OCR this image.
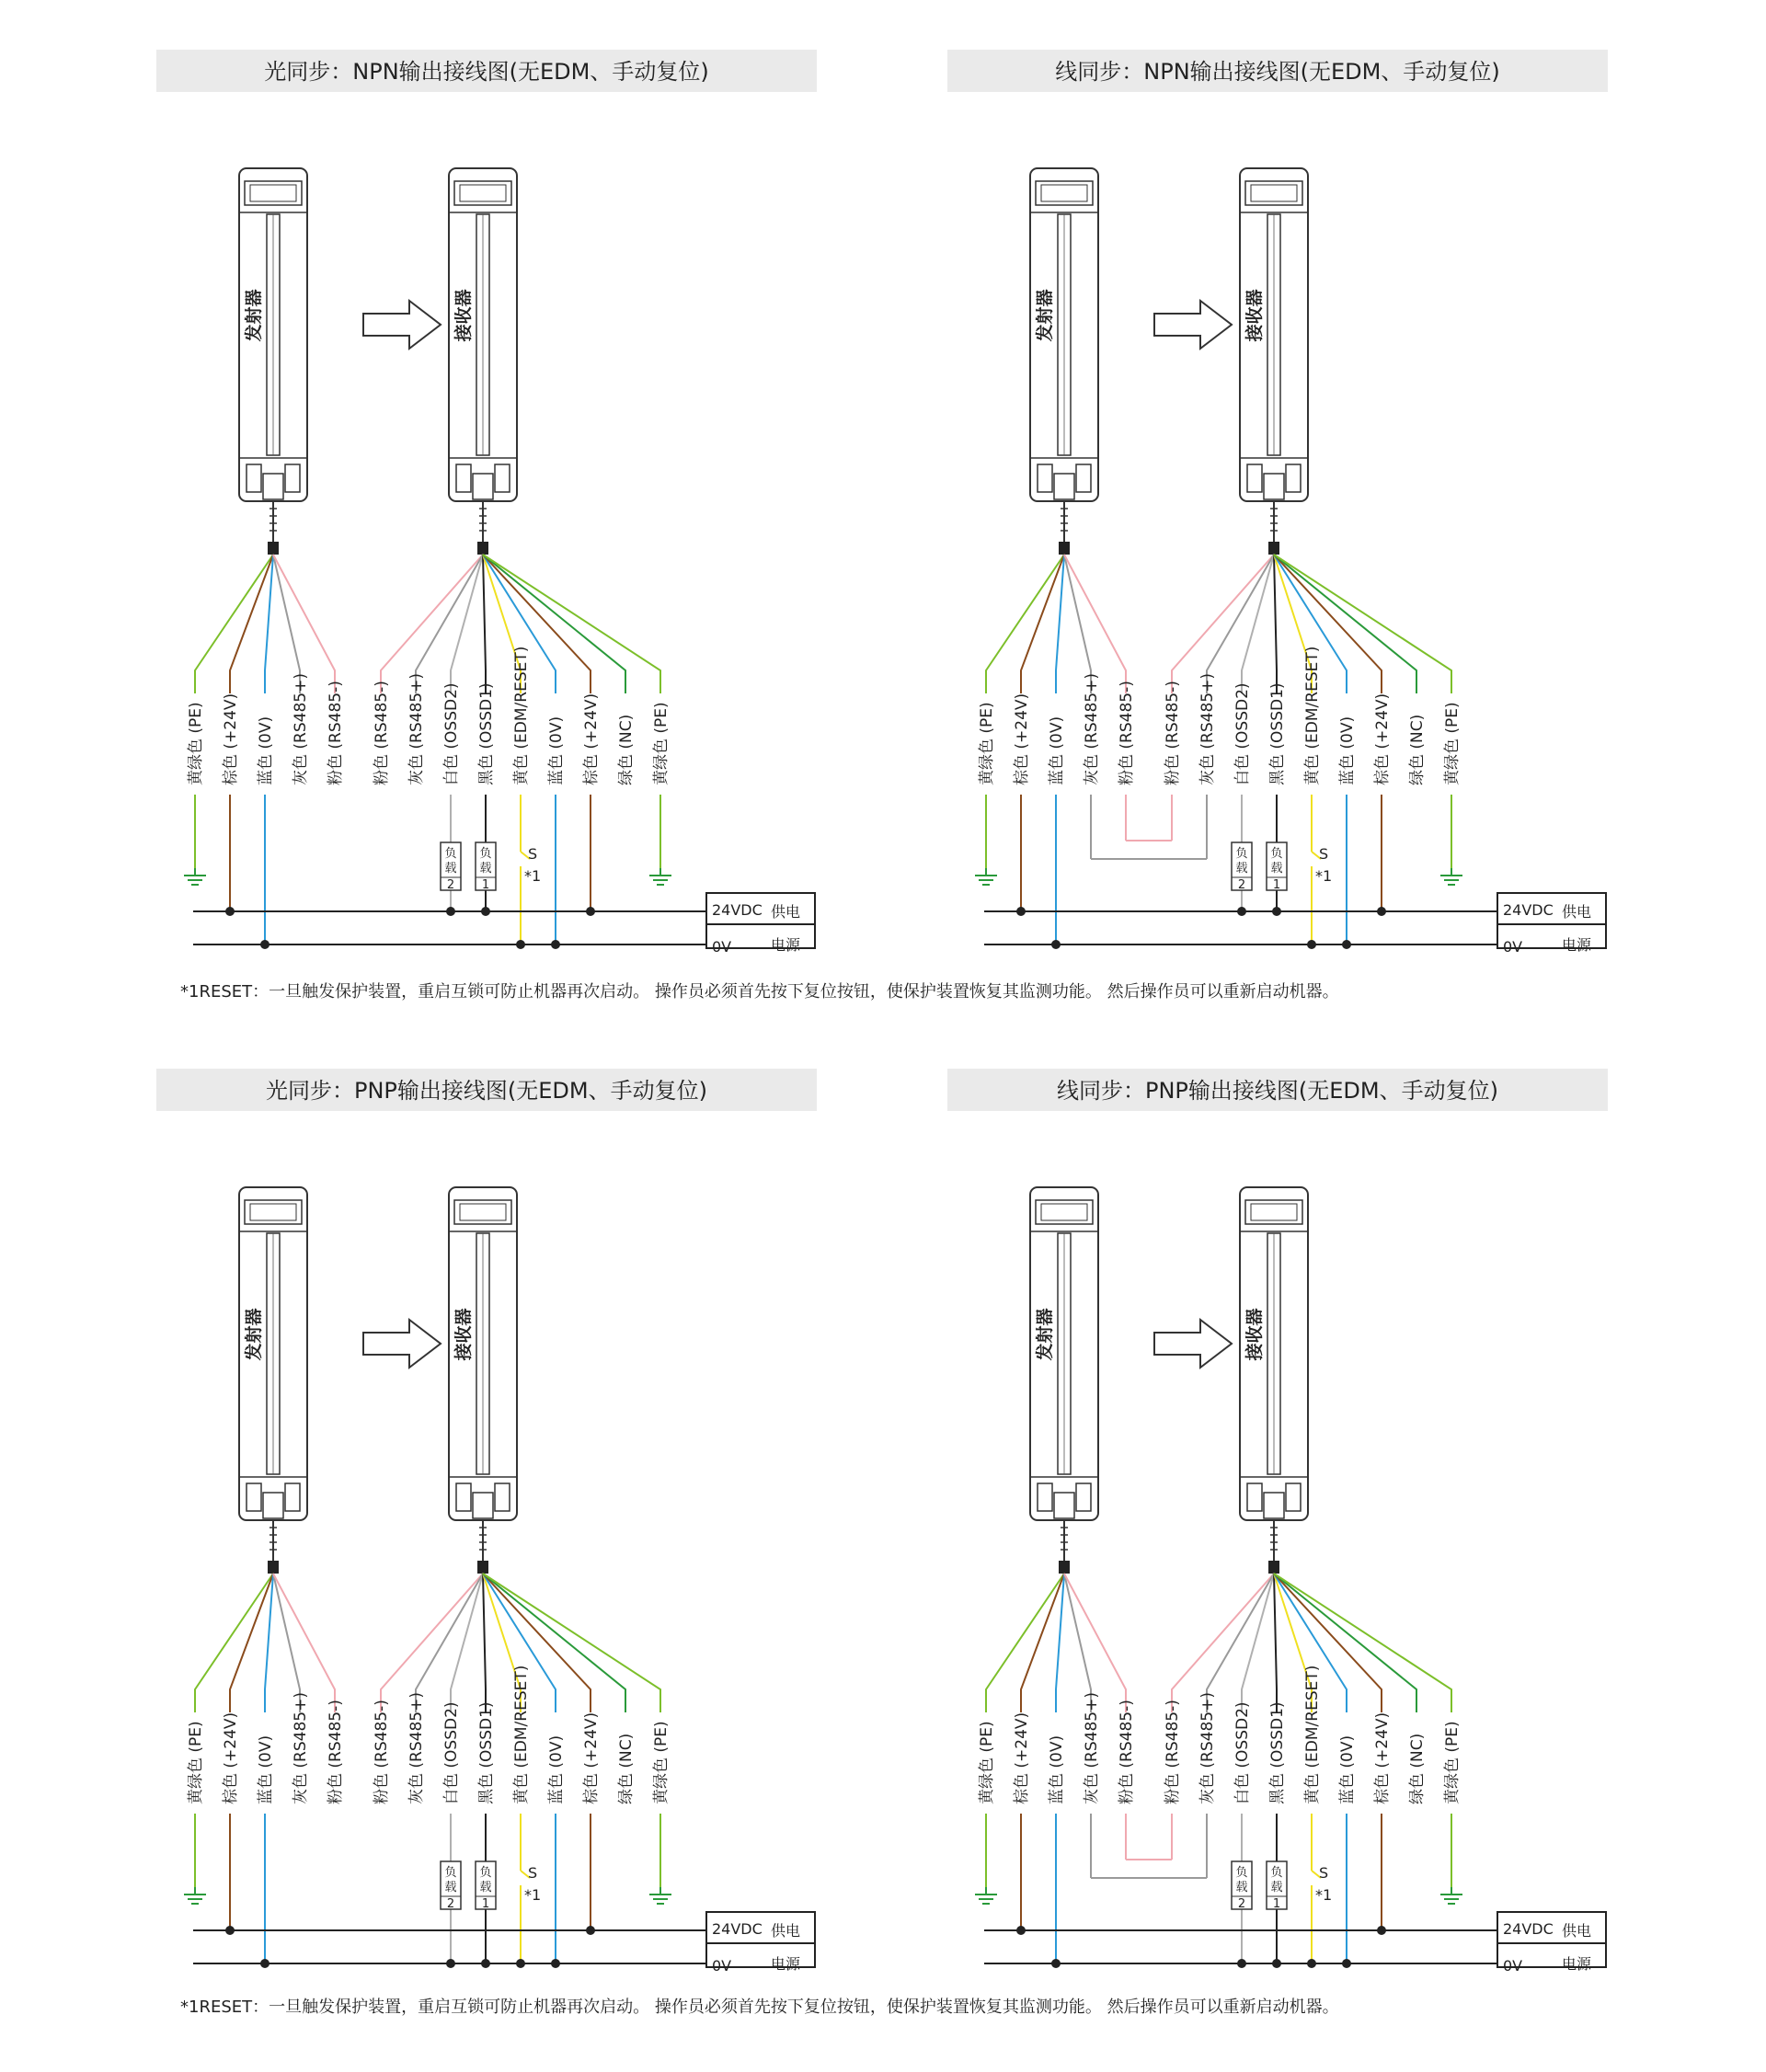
光同步：NPN输出接线图(无EDM、手动复位)
发射器	接收器
黄绿色 (PE) 棕色 (+24V) 蓝色 (0V) 灰色 (RS485+) 粉色 (RS485-) 粉色 (RS485-) 灰色 (RS485+) 白色 (OSSD2)
负
载
2
黑色 (OSSD1)
负
载
1
黄色 (EDM/RESET)
S
*1
蓝色 (0V) 棕色 (+24V) 绿色 (NC) 黄绿色 (PE)
24VDC
0V
供电
电源
线同步：NPN输出接线图(无EDM、手动复位)
发射器	接收器
黄绿色 (PE) 棕色 (+24V) 蓝色 (0V) 灰色 (RS485+) 粉色 (RS485-) 粉色 (RS485-) 灰色 (RS485+) 白色 (OSSD2)
负
载
2
黑色 (OSSD1)
负
载
1
黄色 (EDM/RESET)
S
*1
蓝色 (0V) 棕色 (+24V) 绿色 (NC) 黄绿色 (PE)
24VDC
0V
供电
电源
光同步：PNP输出接线图(无EDM、手动复位)
发射器	接收器
黄绿色 (PE) 棕色 (+24V) 蓝色 (0V) 灰色 (RS485+) 粉色 (RS485-) 粉色 (RS485-) 灰色 (RS485+) 白色 (OSSD2)
负
载
2
黑色 (OSSD1)
负
载
1
黄色 (EDM/RESET)
S
*1
蓝色 (0V) 棕色 (+24V) 绿色 (NC) 黄绿色 (PE)
24VDC
0V
供电
电源
线同步：PNP输出接线图(无EDM、手动复位)
发射器	接收器
黄绿色 (PE) 棕色 (+24V) 蓝色 (0V) 灰色 (RS485+) 粉色 (RS485-) 粉色 (RS485-) 灰色 (RS485+) 白色 (OSSD2)
负
载
2
黑色 (OSSD1)
负
载
1
黄色 (EDM/RESET)
S
*1
蓝色 (0V) 棕色 (+24V) 绿色 (NC) 黄绿色 (PE)
24VDC
0V
供电
电源
*1RESET：一旦触发保护装置，重启互锁可防止机器再次启动。 操作员必须首先按下复位按钮，使保护装置恢复其监测功能。 然后操作员可以重新启动机器。
*1RESET：一旦触发保护装置，重启互锁可防止机器再次启动。 操作员必须首先按下复位按钮，使保护装置恢复其监测功能。 然后操作员可以重新启动机器。
